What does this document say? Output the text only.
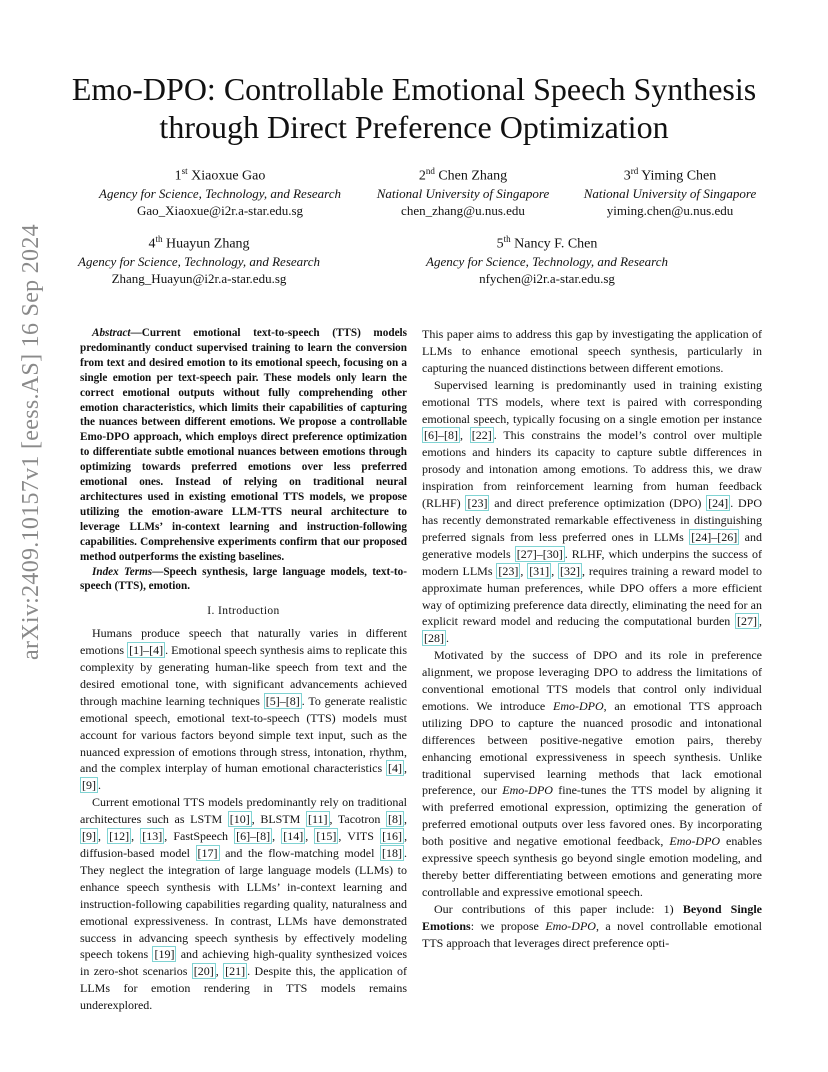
arXiv:2409.10157v1 [eess.AS] 16 Sep 2024
Emo-DPO: Controllable Emotional Speech Synthesis through Direct Preference Optimization
1st Xiaoxue Gao
Agency for Science, Technology, and Research
Gao_Xiaoxue@i2r.a-star.edu.sg
2nd Chen Zhang
National University of Singapore
chen_zhang@u.nus.edu
3rd Yiming Chen
National University of Singapore
yiming.chen@u.nus.edu
4th Huayun Zhang
Agency for Science, Technology, and Research
Zhang_Huayun@i2r.a-star.edu.sg
5th Nancy F. Chen
Agency for Science, Technology, and Research
nfychen@i2r.a-star.edu.sg

Abstract—Current emotional text-to-speech (TTS) models predominantly conduct supervised training to learn the conversion from text and desired emotion to its emotional speech, focusing on a single emotion per text-speech pair. These models only learn the correct emotional outputs without fully comprehending other emotion characteristics, which limits their capabilities of capturing the nuances between different emotions. We propose a controllable Emo-DPO approach, which employs direct preference optimization to differentiate subtle emotional nuances between emotions through optimizing towards preferred emotions over less preferred emotional ones. Instead of relying on traditional neural architectures used in existing emotional TTS models, we propose utilizing the emotion-aware LLM-TTS neural architecture to leverage LLMs’ in-context learning and instruction-following capabilities. Comprehensive experiments confirm that our proposed method outperforms the existing baselines.

Index Terms—Speech synthesis, large language models, text-to-speech (TTS), emotion.

I. Introduction

Humans produce speech that naturally varies in different emotions [1]–[4] . Emotional speech synthesis aims to replicate this complexity by generating human-like speech from text and the desired emotional tone, with significant advancements achieved through machine learning techniques [5]–[8] . To generate realistic emotional speech, emotional text-to-speech (TTS) models must account for various factors beyond simple text input, such as the nuanced expression of emotions through stress, intonation, rhythm, and the complex interplay of human emotional characteristics [4] , [9] .

Current emotional TTS models predominantly rely on traditional architectures such as LSTM [10] , BLSTM [11] , Tacotron [8] , [9] , [12] , [13] , FastSpeech [6]–[8] , [14] , [15] , VITS [16] , diffusion-based model [17] and the flow-matching model [18] . They neglect the integration of large language models (LLMs) to enhance speech synthesis with LLMs’ in-context learning and instruction-following capabilities regarding quality, naturalness and emotional expressiveness. In contrast, LLMs have demonstrated success in advancing speech synthesis by effectively modeling speech tokens [19] and achieving high-quality synthesized voices in zero-shot scenarios [20] , [21] . Despite this, the application of LLMs for emotion rendering in TTS models remains underexplored.

This paper aims to address this gap by investigating the application of LLMs to enhance emotional speech synthesis, particularly in capturing the nuanced distinctions between different emotions.

Supervised learning is predominantly used in training existing emotional TTS models, where text is paired with corresponding emotional speech, typically focusing on a single emotion per instance [6]–[8] , [22] . This constrains the model’s control over multiple emotions and hinders its capacity to capture subtle differences in prosody and intonation among emotions. To address this, we draw inspiration from reinforcement learning from human feedback (RLHF) [23] and direct preference optimization (DPO) [24] . DPO has recently demonstrated remarkable effectiveness in distinguishing preferred signals from less preferred ones in LLMs [24]–[26] and generative models [27]–[30] . RLHF, which underpins the success of modern LLMs [23] , [31] , [32] , requires training a reward model to approximate human preferences, while DPO offers a more efficient way of optimizing preference data directly, eliminating the need for an explicit reward model and reducing the computational burden [27] , [28] .

Motivated by the success of DPO and its role in preference alignment, we propose leveraging DPO to address the limitations of conventional emotional TTS models that control only individual emotions. We introduce Emo-DPO, an emotional TTS approach utilizing DPO to capture the nuanced prosodic and intonational differences between positive-negative emotion pairs, thereby enhancing emotional expressiveness in speech synthesis. Unlike traditional supervised learning methods that lack emotional preference, our Emo-DPO fine-tunes the TTS model by aligning it with preferred emotional expression, optimizing the generation of preferred emotional outputs over less favored ones. By incorporating both positive and negative emotional feedback, Emo-DPO enables expressive speech synthesis go beyond single emotion modeling, and thereby better differentiating between emotions and generating more controllable and expressive emotional speech.

Our contributions of this paper include: 1) Beyond Single Emotions: we propose Emo-DPO, a novel controllable emotional TTS approach that leverages direct preference opti-
